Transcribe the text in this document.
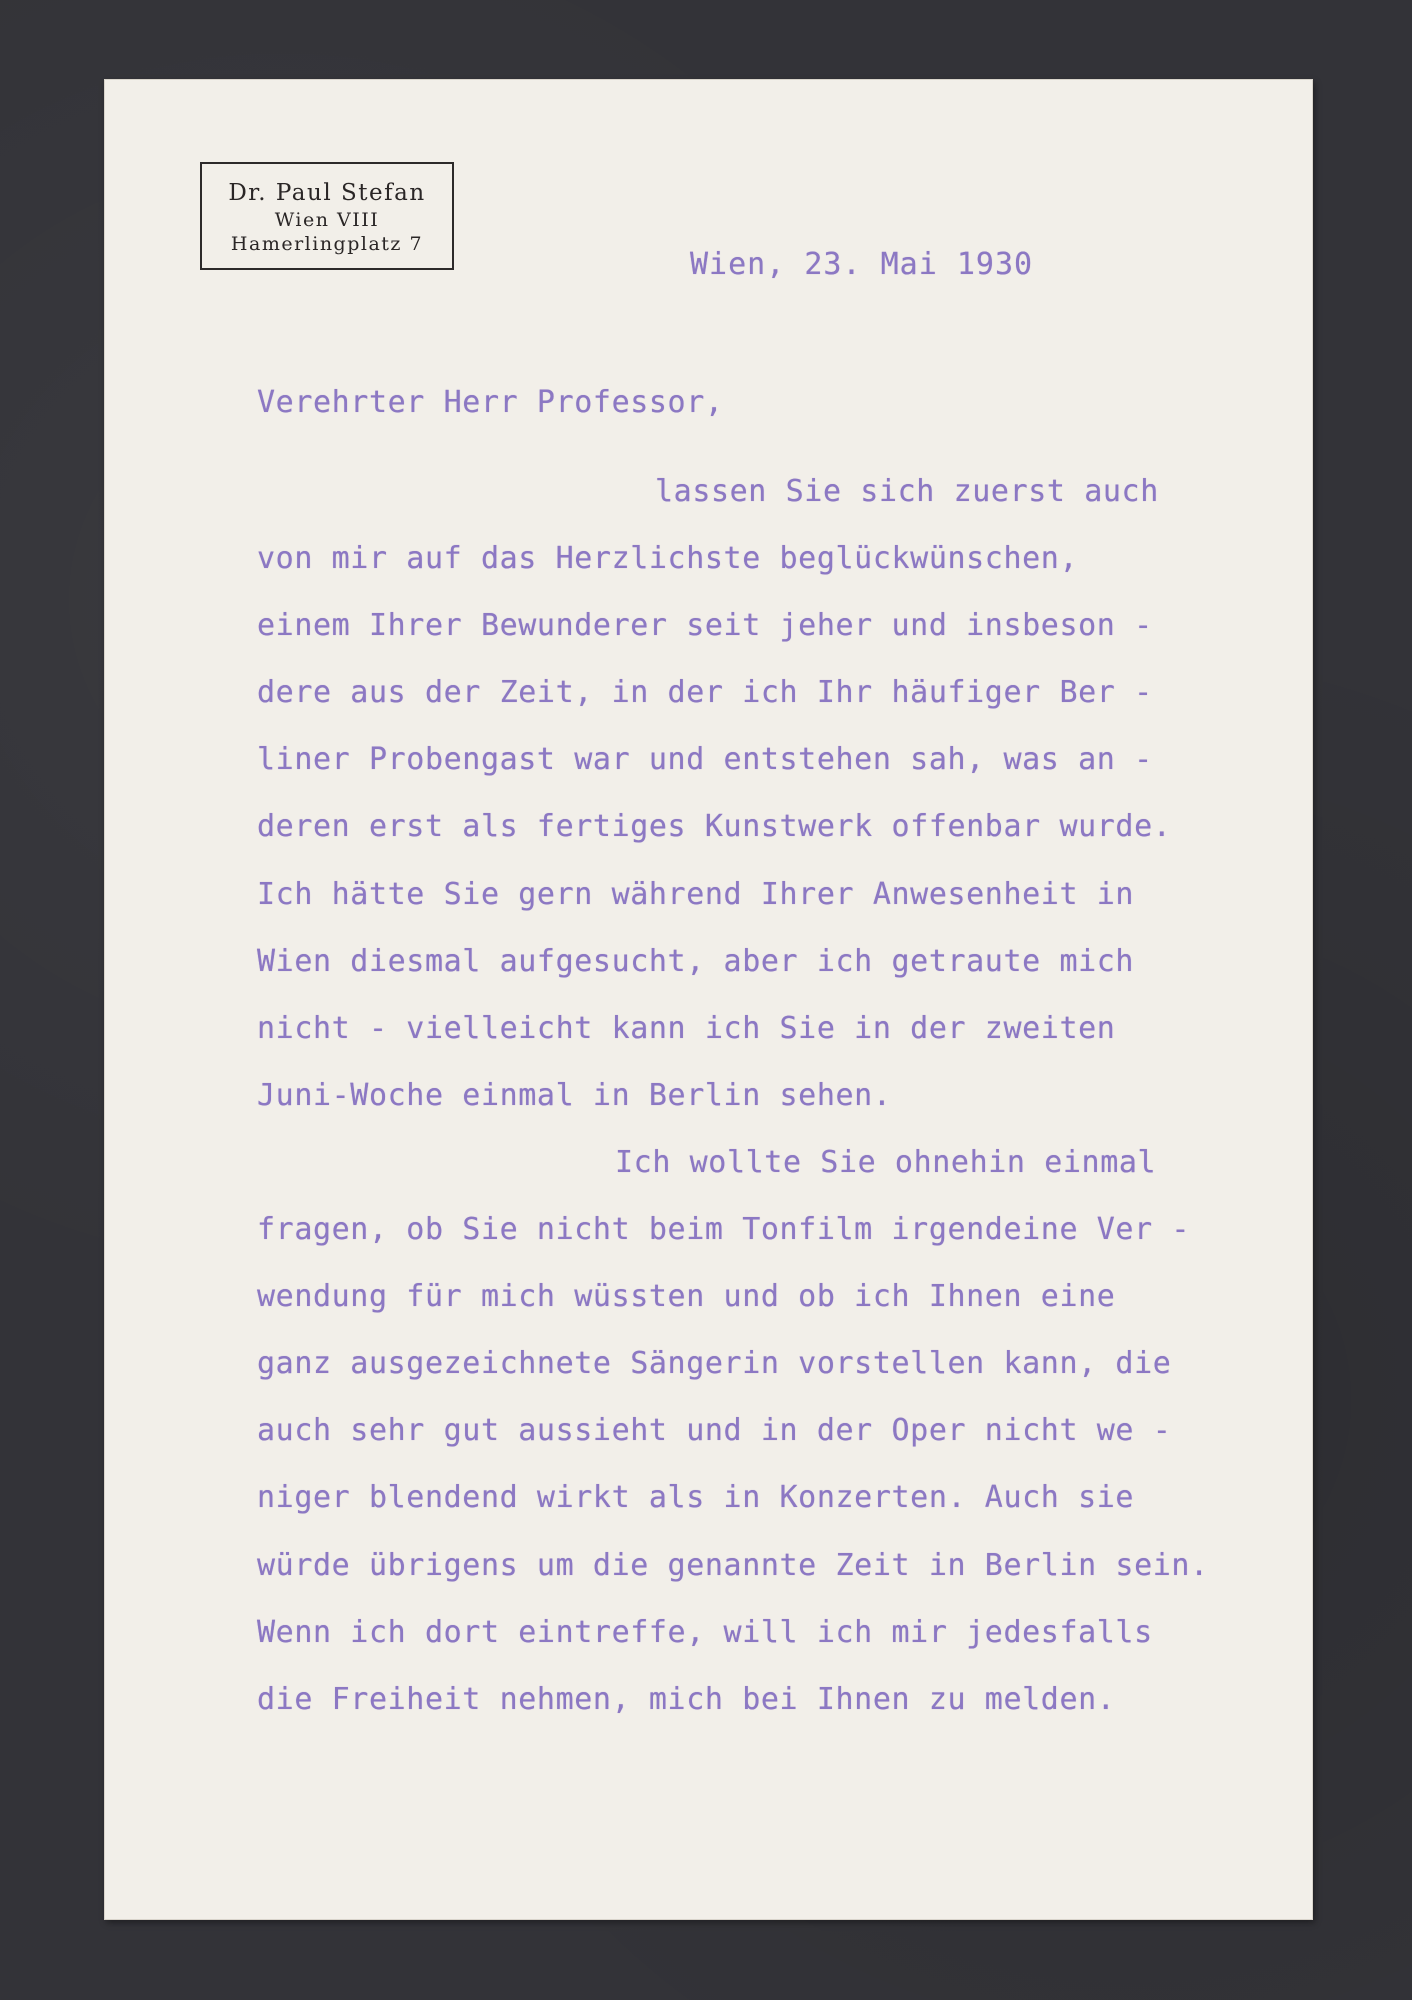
Dr. Paul Stefan
Wien VIII
Hamerlingplatz 7
Wien, 23. Mai 1930
Verehrter Herr Professor,
lassen Sie sich zuerst auch
von mir auf das Herzlichste beglückwünschen,
einem Ihrer Bewunderer seit jeher und insbeson -
dere aus der Zeit, in der ich Ihr häufiger Ber -
liner Probengast war und entstehen sah, was an -
deren erst als fertiges Kunstwerk offenbar wurde.
Ich hätte Sie gern während Ihrer Anwesenheit in
Wien diesmal aufgesucht, aber ich getraute mich
nicht - vielleicht kann ich Sie in der zweiten
Juni-Woche einmal in Berlin sehen.
Ich wollte Sie ohnehin einmal
fragen, ob Sie nicht beim Tonfilm irgendeine Ver -
wendung für mich wüssten und ob ich Ihnen eine
ganz ausgezeichnete Sängerin vorstellen kann, die
auch sehr gut aussieht und in der Oper nicht we -
niger blendend wirkt als in Konzerten. Auch sie
würde übrigens um die genannte Zeit in Berlin sein.
Wenn ich dort eintreffe, will ich mir jedesfalls
die Freiheit nehmen, mich bei Ihnen zu melden.
